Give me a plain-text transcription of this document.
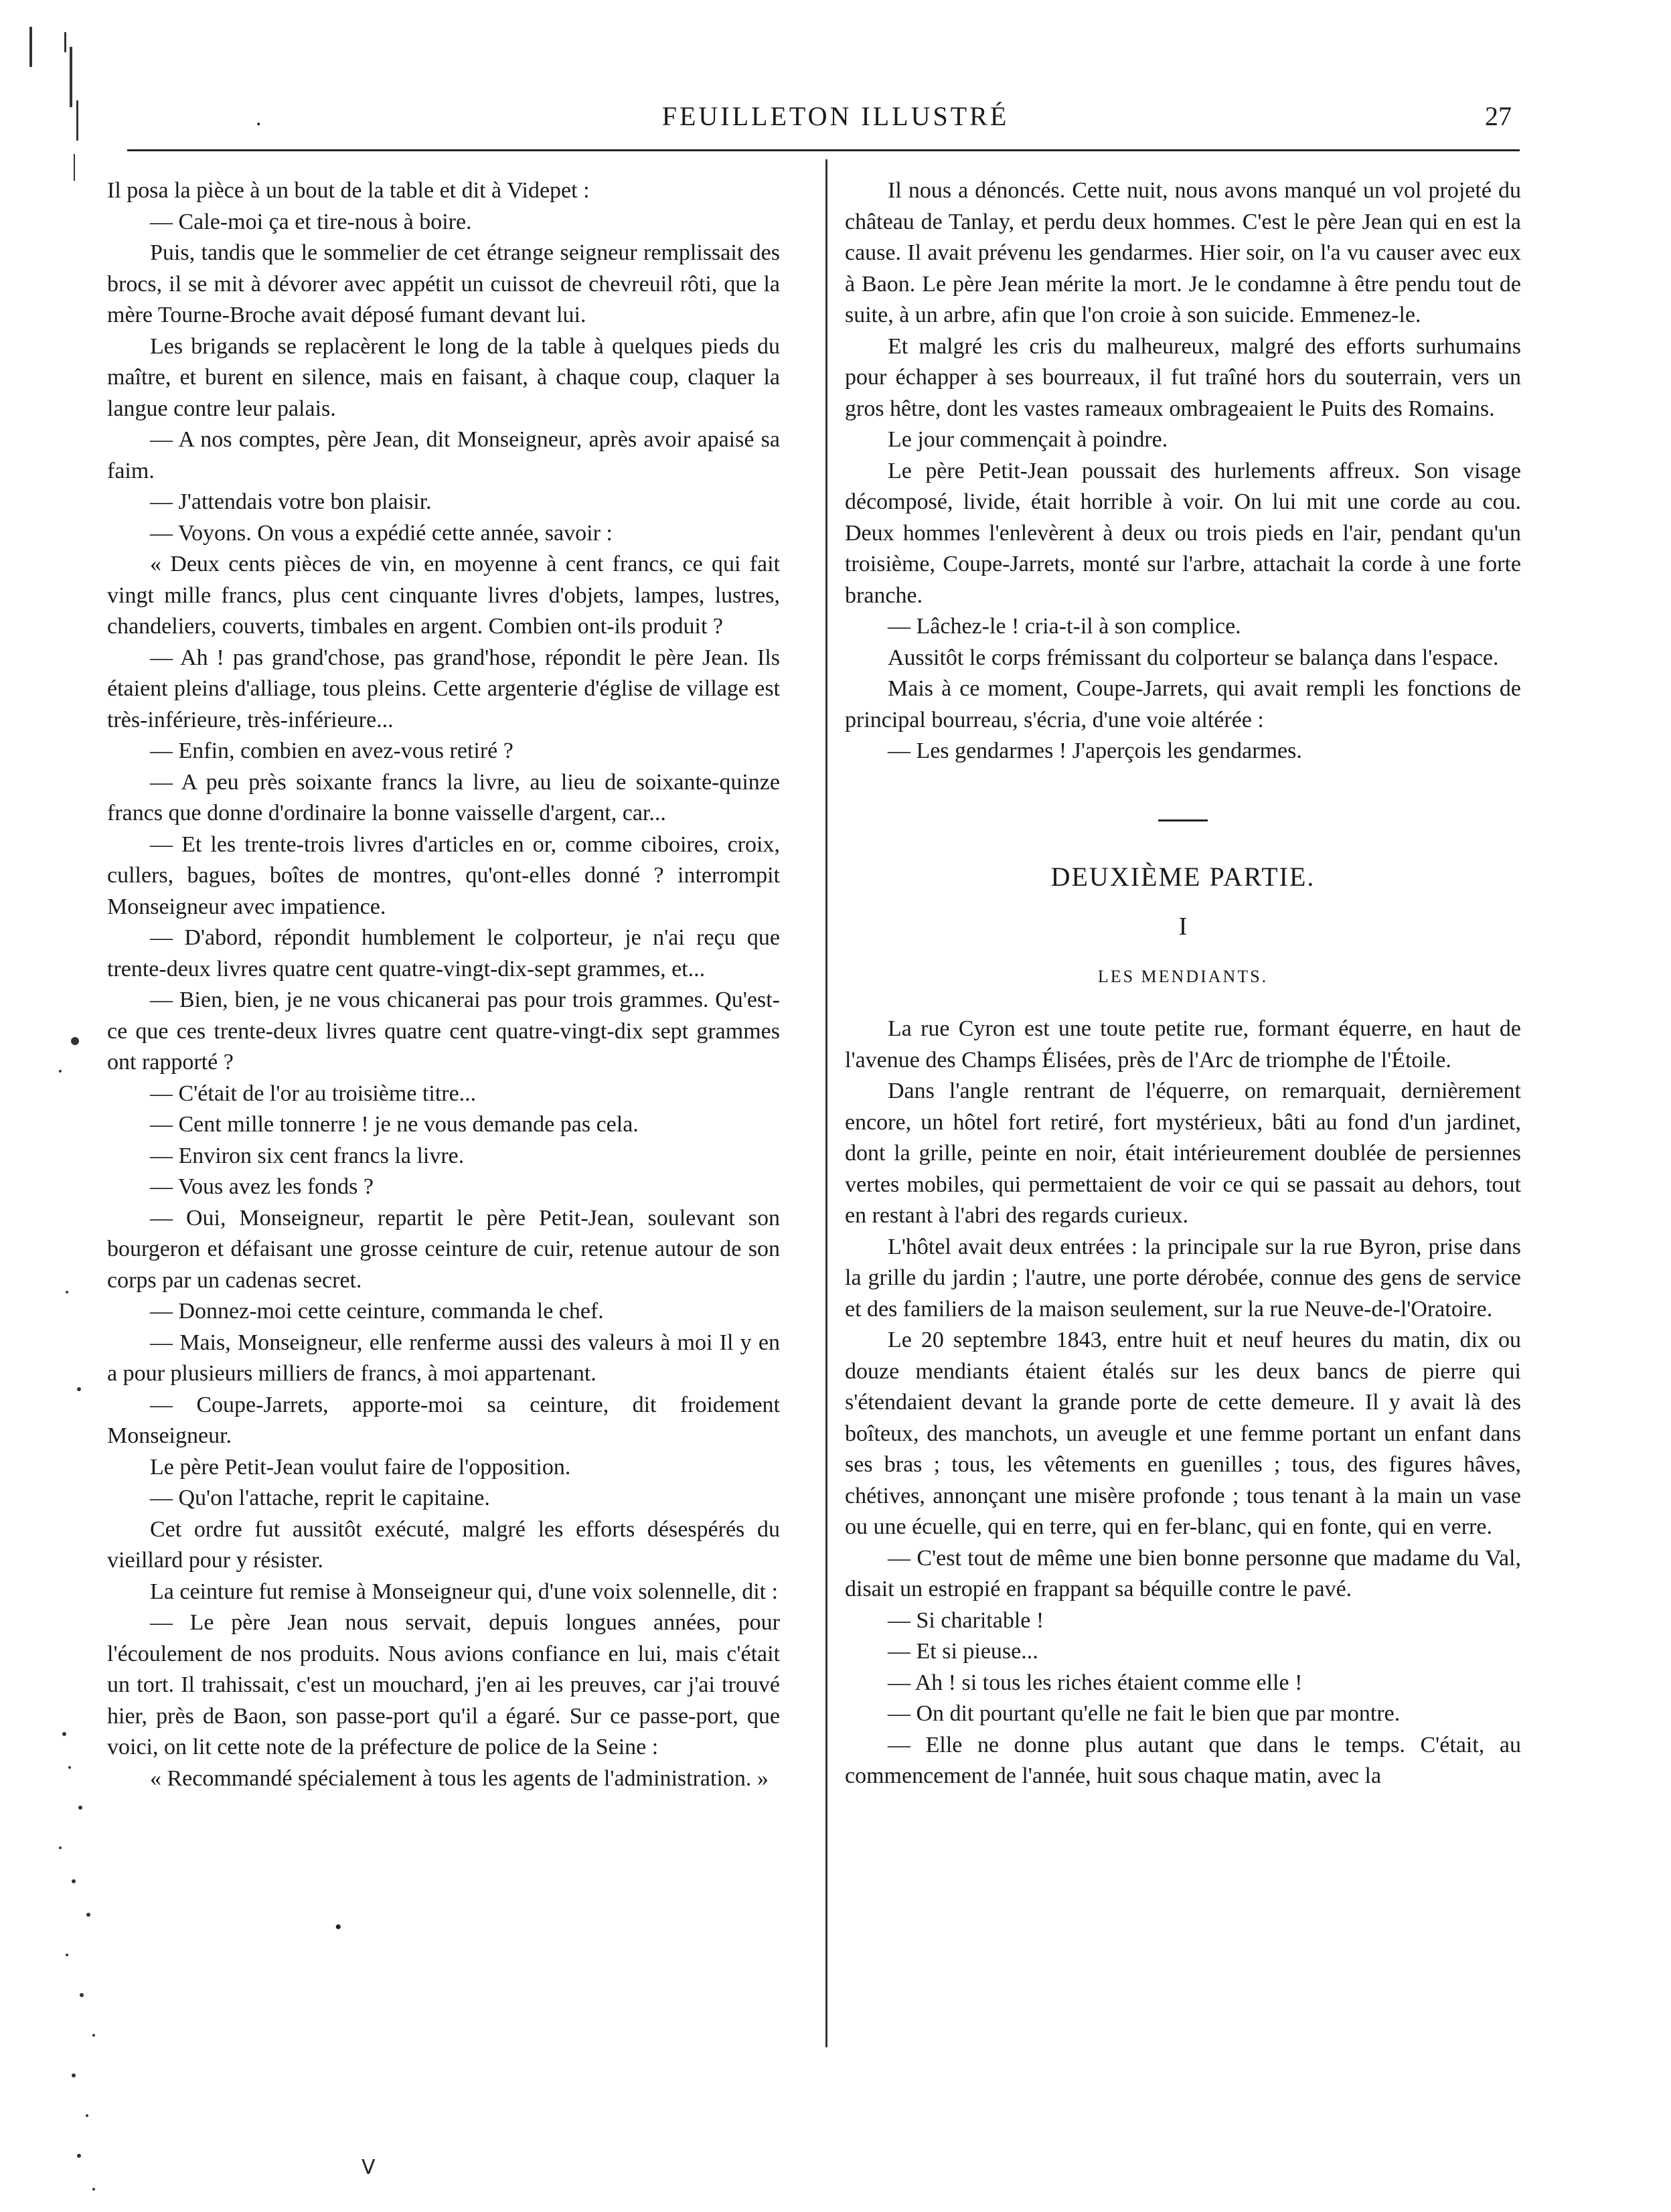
.	FEUILLETON ILLUSTRÉ	27

Il posa la pièce à un bout de la table et dit à Videpet :

— Cale-moi ça et tire-nous à boire.

Puis, tandis que le sommelier de cet étrange seigneur remplissait des brocs, il se mit à dévorer avec appétit un cuissot de chevreuil rôti, que la mère Tourne-Broche avait déposé fumant devant lui.

Les brigands se replacèrent le long de la table à quelques pieds du maître, et burent en silence, mais en faisant, à chaque coup, claquer la langue contre leur palais.

— A nos comptes, père Jean, dit Monseigneur, après avoir apaisé sa faim.

— J'attendais votre bon plaisir.

— Voyons. On vous a expédié cette année, savoir :

« Deux cents pièces de vin, en moyenne à cent francs, ce qui fait vingt mille francs, plus cent cinquante livres d'objets, lampes, lustres, chandeliers, couverts, timbales en argent. Combien ont-ils produit ?

— Ah ! pas grand'chose, pas grand'hose, répondit le père Jean. Ils étaient pleins d'alliage, tous pleins. Cette argenterie d'église de village est très-inférieure, très-inférieure...

— Enfin, combien en avez-vous retiré ?

— A peu près soixante francs la livre, au lieu de soixante-quinze francs que donne d'ordinaire la bonne vaisselle d'argent, car...

— Et les trente-trois livres d'articles en or, comme ciboires, croix, cullers, bagues, boîtes de montres, qu'ont-elles donné ? interrompit Monseigneur avec impatience.

— D'abord, répondit humblement le colporteur, je n'ai reçu que trente-deux livres quatre cent quatre-vingt-dix-sept grammes, et...

— Bien, bien, je ne vous chicanerai pas pour trois grammes. Qu'est-ce que ces trente-deux livres quatre cent quatre-vingt-dix sept grammes ont rapporté ?

— C'était de l'or au troisième titre...

— Cent mille tonnerre ! je ne vous demande pas cela.

— Environ six cent francs la livre.

— Vous avez les fonds ?

— Oui, Monseigneur, repartit le père Petit-Jean, soulevant son bourgeron et défaisant une grosse ceinture de cuir, retenue autour de son corps par un cadenas secret.

— Donnez-moi cette ceinture, commanda le chef.

— Mais, Monseigneur, elle renferme aussi des valeurs à moi Il y en a pour plusieurs milliers de francs, à moi appartenant.

— Coupe-Jarrets, apporte-moi sa ceinture, dit froidement Monseigneur.

Le père Petit-Jean voulut faire de l'opposition.

— Qu'on l'attache, reprit le capitaine.

Cet ordre fut aussitôt exécuté, malgré les efforts désespérés du vieillard pour y résister.

La ceinture fut remise à Monseigneur qui, d'une voix solennelle, dit :

— Le père Jean nous servait, depuis longues années, pour l'écoulement de nos produits. Nous avions confiance en lui, mais c'était un tort. Il trahissait, c'est un mouchard, j'en ai les preuves, car j'ai trouvé hier, près de Baon, son passe-port qu'il a égaré. Sur ce passe-port, que voici, on lit cette note de la préfecture de police de la Seine :

« Recommandé spécialement à tous les agents de l'administration. »

Il nous a dénoncés. Cette nuit, nous avons manqué un vol projeté du château de Tanlay, et perdu deux hommes. C'est le père Jean qui en est la cause. Il avait prévenu les gendarmes. Hier soir, on l'a vu causer avec eux à Baon. Le père Jean mérite la mort. Je le condamne à être pendu tout de suite, à un arbre, afin que l'on croie à son suicide. Emmenez-le.

Et malgré les cris du malheureux, malgré des efforts surhumains pour échapper à ses bourreaux, il fut traîné hors du souterrain, vers un gros hêtre, dont les vastes rameaux ombrageaient le Puits des Romains.

Le jour commençait à poindre.

Le père Petit-Jean poussait des hurlements affreux. Son visage décomposé, livide, était horrible à voir. On lui mit une corde au cou. Deux hommes l'enlevèrent à deux ou trois pieds en l'air, pendant qu'un troisième, Coupe-Jarrets, monté sur l'arbre, attachait la corde à une forte branche.

— Lâchez-le ! cria-t-il à son complice.

Aussitôt le corps frémissant du colporteur se balança dans l'espace.

Mais à ce moment, Coupe-Jarrets, qui avait rempli les fonctions de principal bourreau, s'écria, d'une voie altérée :

— Les gendarmes ! J'aperçois les gendarmes.

DEUXIÈME PARTIE.

I

LES MENDIANTS.

La rue Cyron est une toute petite rue, formant équerre, en haut de l'avenue des Champs Élisées, près de l'Arc de triomphe de l'Étoile.

Dans l'angle rentrant de l'équerre, on remarquait, dernièrement encore, un hôtel fort retiré, fort mystérieux, bâti au fond d'un jardinet, dont la grille, peinte en noir, était intérieurement doublée de persiennes vertes mobiles, qui permettaient de voir ce qui se passait au dehors, tout en restant à l'abri des regards curieux.

L'hôtel avait deux entrées : la principale sur la rue Byron, prise dans la grille du jardin ; l'autre, une porte dérobée, connue des gens de service et des familiers de la maison seulement, sur la rue Neuve-de-l'Oratoire.

Le 20 septembre 1843, entre huit et neuf heures du matin, dix ou douze mendiants étaient étalés sur les deux bancs de pierre qui s'étendaient devant la grande porte de cette demeure. Il y avait là des boîteux, des manchots, un aveugle et une femme portant un enfant dans ses bras ; tous, les vêtements en guenilles ; tous, des figures hâves, chétives, annonçant une misère profonde ; tous tenant à la main un vase ou une écuelle, qui en terre, qui en fer-blanc, qui en fonte, qui en verre.

— C'est tout de même une bien bonne personne que madame du Val, disait un estropié en frappant sa béquille contre le pavé.

— Si charitable !

— Et si pieuse...

— Ah ! si tous les riches étaient comme elle !

— On dit pourtant qu'elle ne fait le bien que par montre.

— Elle ne donne plus autant que dans le temps. C'était, au commencement de l'année, huit sous chaque matin, avec la

•
ᐯ
